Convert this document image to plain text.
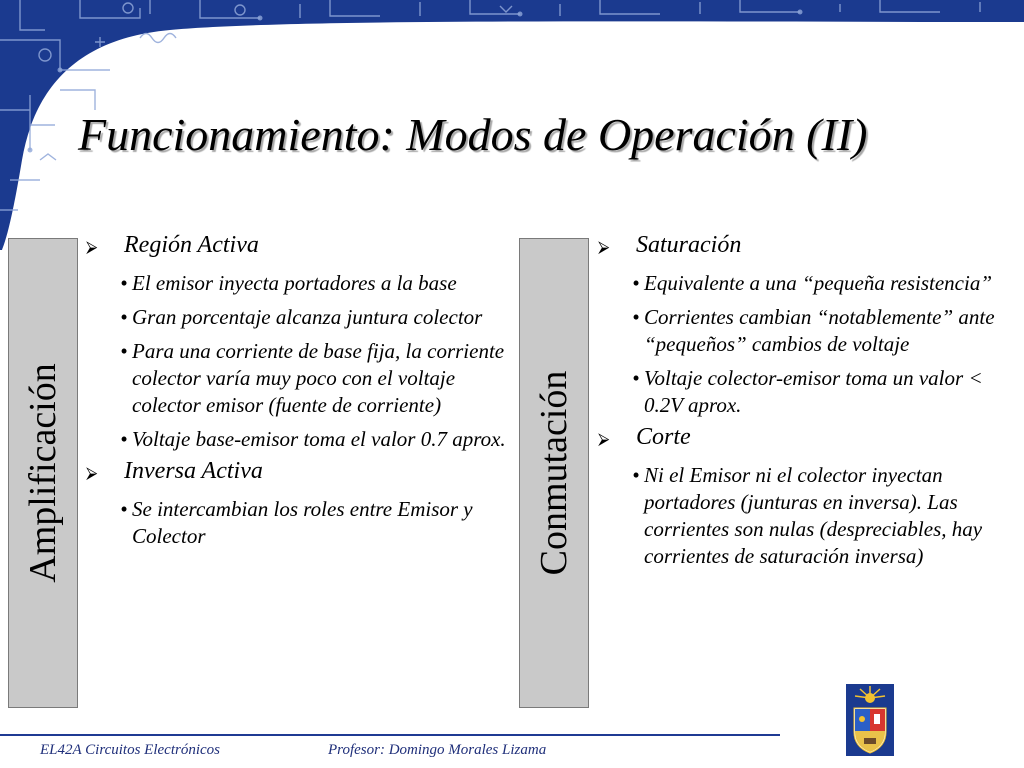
Funcionamiento: Modos de Operación (II)
Amplificación
⮚	Región Activa
• El emisor inyecta portadores a la base
• Gran porcentaje alcanza juntura colector
• Para una corriente de base fija, la corriente colector varía muy poco con el voltaje colector emisor (fuente de corriente)
• Voltaje base-emisor toma el valor 0.7 aprox.
⮚	Inversa Activa
• Se intercambian los roles entre Emisor y Colector	Conmutación
⮚	Saturación
• Equivalente a una “pequeña resistencia”
• Corrientes cambian “notablemente” ante “pequeños” cambios de voltaje
• Voltaje colector-emisor toma un valor < 0.2V aprox.
⮚	Corte
• Ni el Emisor ni el colector inyectan portadores (junturas en inversa). Las corrientes son nulas (despreciables, hay corrientes de saturación inversa)
EL42A Circuitos Electrónicos	Profesor: Domingo Morales Lizama
